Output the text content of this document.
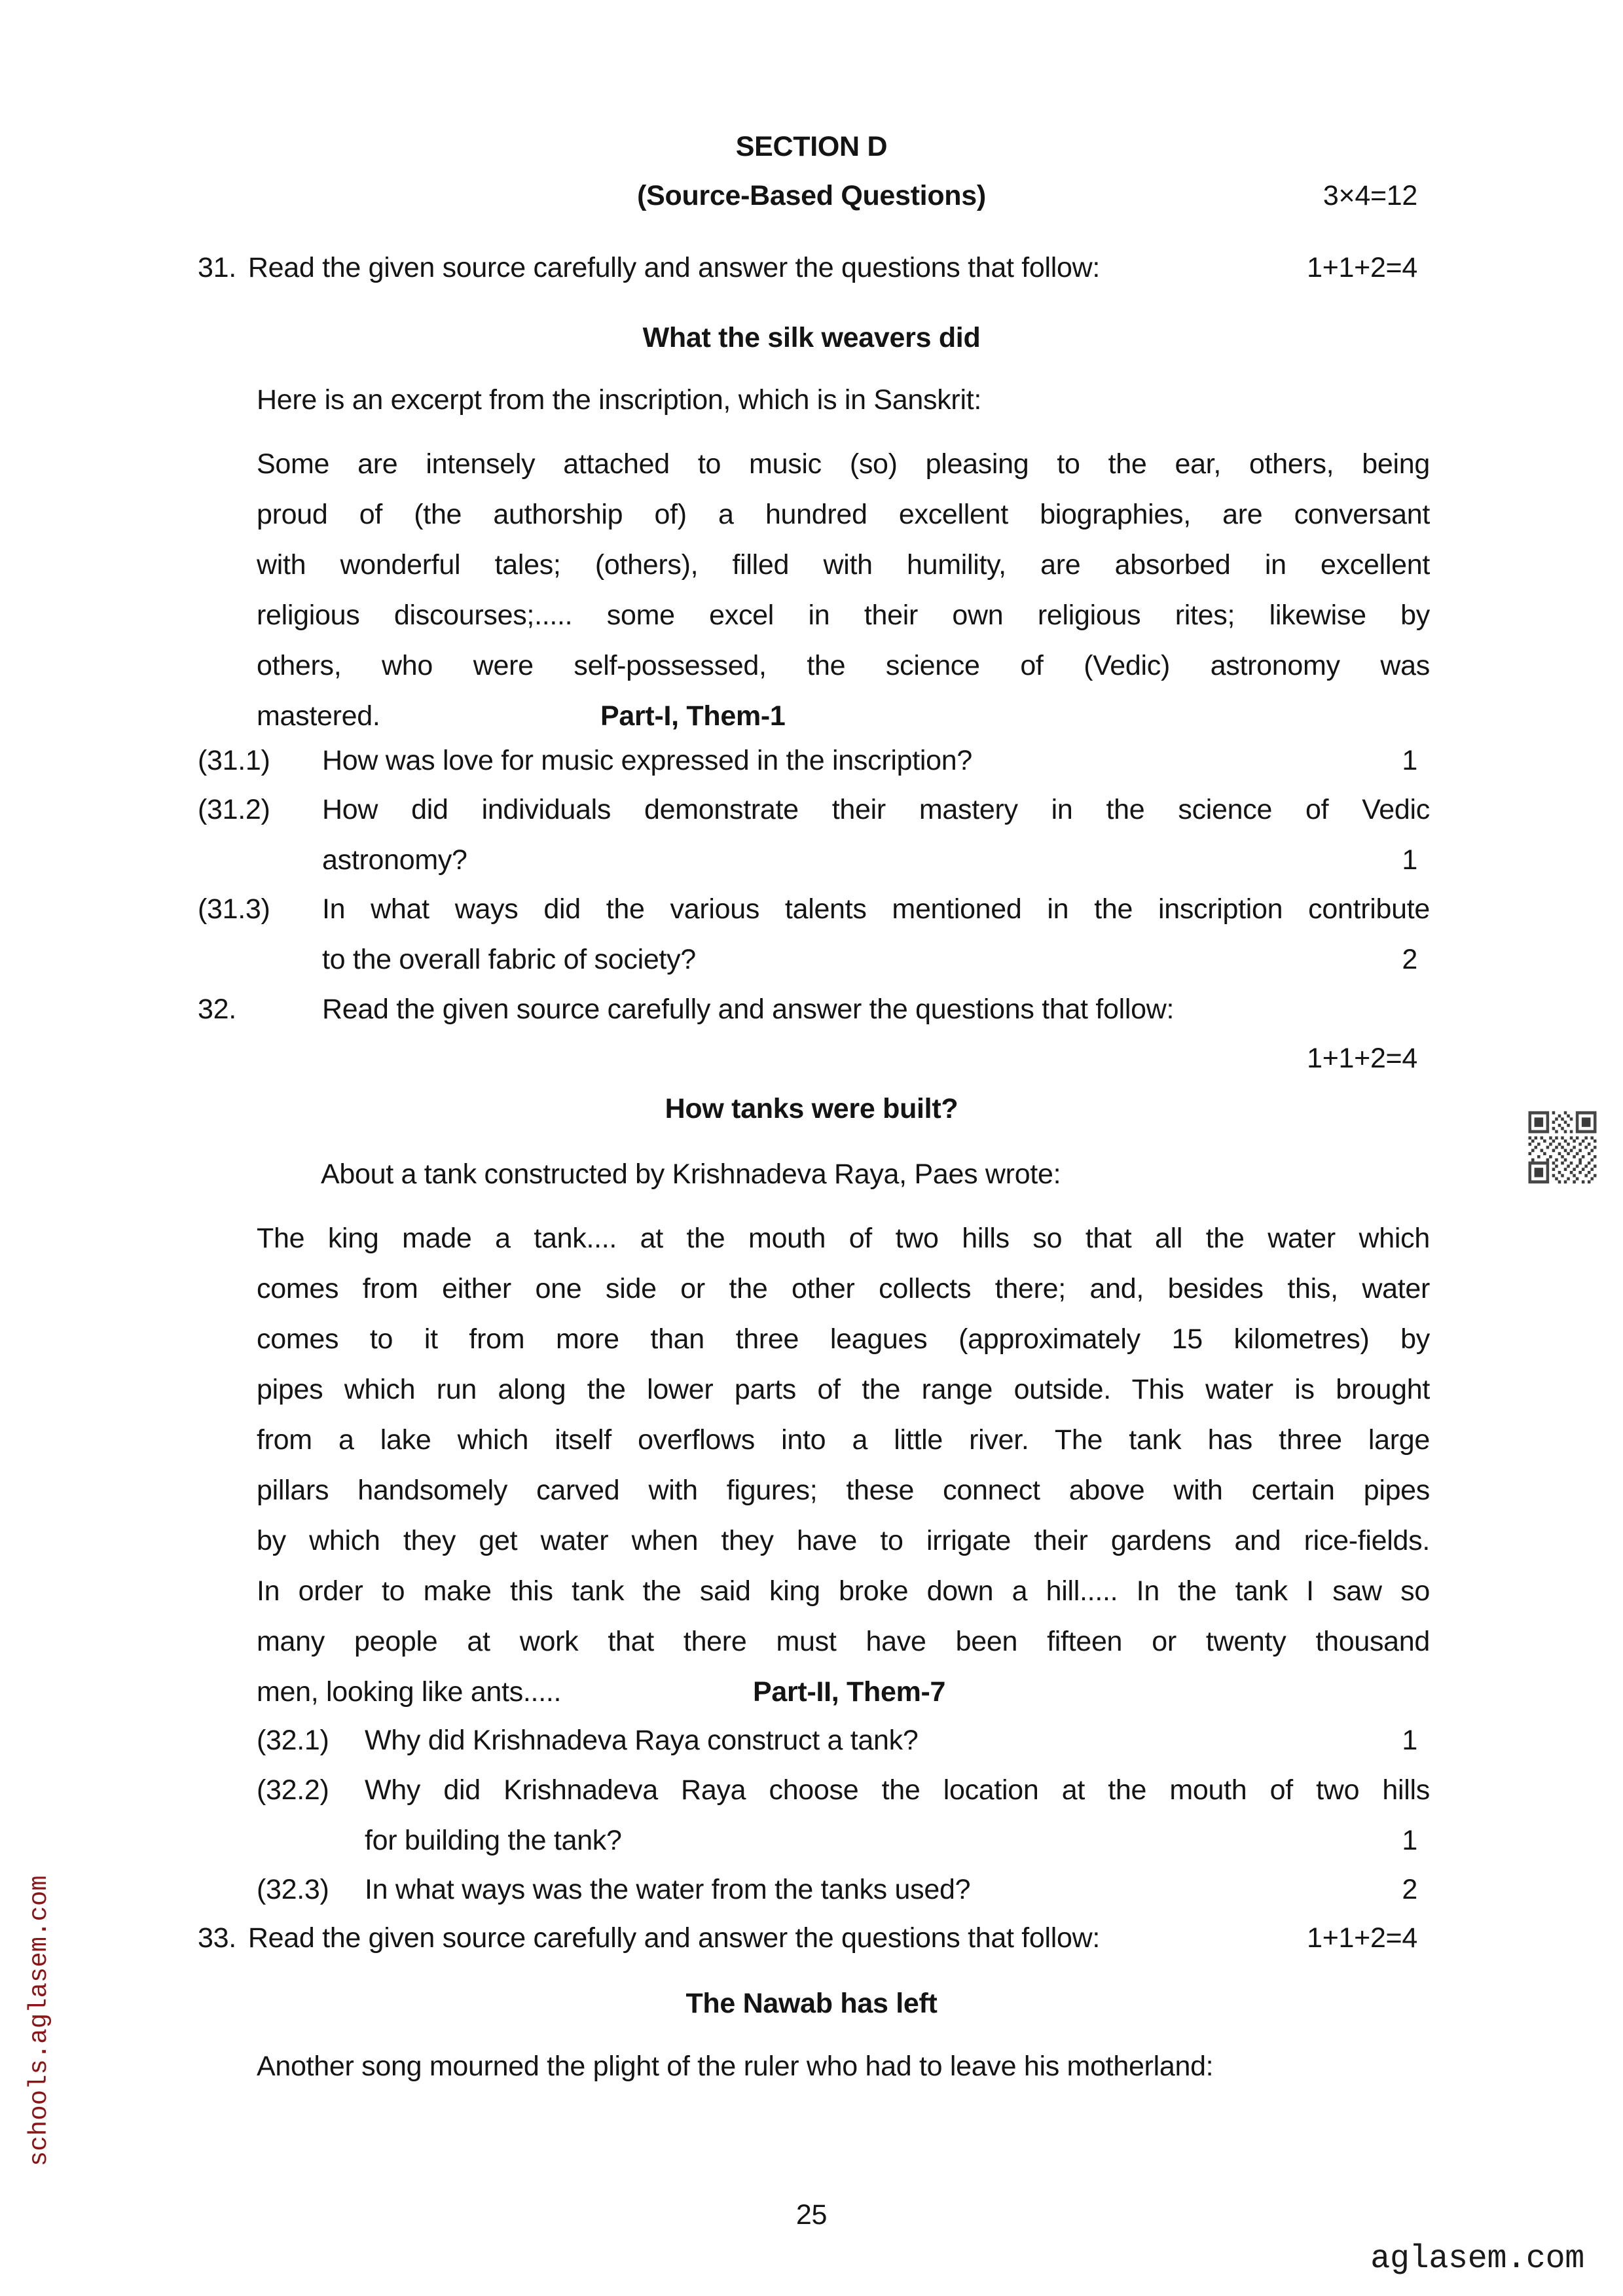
schools.aglasem.com
SECTION D
(Source-Based Questions)	3×4=12
31. Read the given source carefully and answer the questions that follow:	1+1+2=4
What the silk weavers did
Here is an excerpt from the inscription, which is in Sanskrit:
Some are intensely attached to music (so) pleasing to the ear, others, being
proud of (the authorship of) a hundred excellent biographies, are conversant
with wonderful tales; (others), filled with humility, are absorbed in excellent
religious discourses;..... some excel in their own religious rites; likewise by
others, who were self-possessed, the science of (Vedic) astronomy was
mastered.	Part-I, Them-1
(31.1) How was love for music expressed in the inscription?	1
(31.2) How did individuals demonstrate their mastery in the science of Vedic
astronomy?	1
(31.3) In what ways did the various talents mentioned in the inscription contribute
to the overall fabric of society?	2
32.	Read the given source carefully and answer the questions that follow:
1+1+2=4
How tanks were built?
About a tank constructed by Krishnadeva Raya, Paes wrote:
The king made a tank.... at the mouth of two hills so that all the water which
comes from either one side or the other collects there; and, besides this, water
comes to it from more than three leagues (approximately 15 kilometres) by
pipes which run along the lower parts of the range outside. This water is brought
from a lake which itself overflows into a little river. The tank has three large
pillars handsomely carved with figures; these connect above with certain pipes
by which they get water when they have to irrigate their gardens and rice-fields.
In order to make this tank the said king broke down a hill..... In the tank I saw so
many people at work that there must have been fifteen or twenty thousand
men, looking like ants.....	Part-II, Them-7
(32.1) Why did Krishnadeva Raya construct a tank?	1
(32.2) Why did Krishnadeva Raya choose the location at the mouth of two hills
for building the tank?	1
(32.3) In what ways was the water from the tanks used?	2
33. Read the given source carefully and answer the questions that follow:	1+1+2=4
The Nawab has left
Another song mourned the plight of the ruler who had to leave his motherland:
25
aglasem.com
